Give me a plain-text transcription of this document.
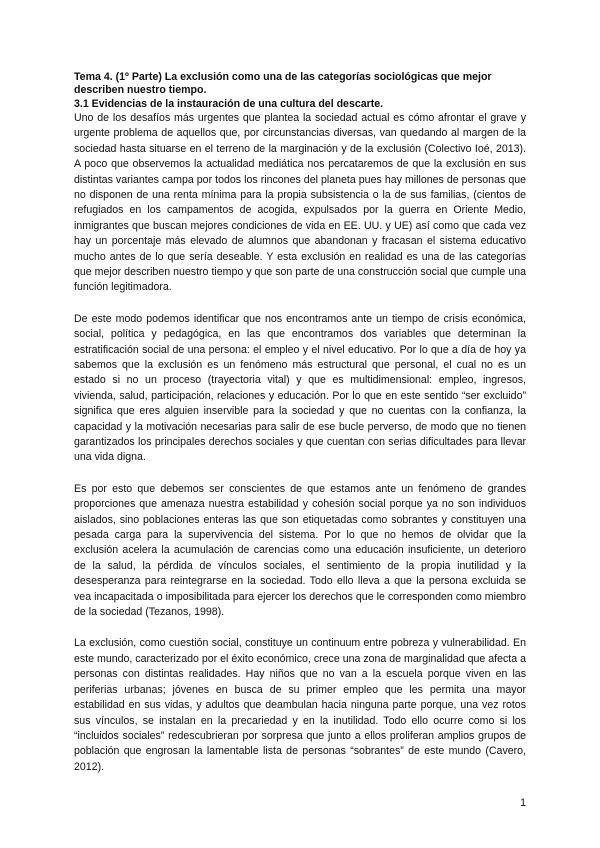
Tema 4. (1º Parte) La exclusión como una de las categorías sociológicas que mejor describen nuestro tiempo.

3.1 Evidencias de la instauración de una cultura del descarte.

Uno de los desafíos más urgentes que plantea la sociedad actual es cómo afrontar el grave y urgente problema de aquellos que, por circunstancias diversas, van quedando al margen de la sociedad hasta situarse en el terreno de la marginación y de la exclusión (Colectivo Ioé, 2013). A poco que observemos la actualidad mediática nos percataremos de que la exclusión en sus distintas variantes campa por todos los rincones del planeta pues hay millones de personas que no disponen de una renta mínima para la propia subsistencia o la de sus familias, (cientos de refugiados en los campamentos de acogida, expulsados por la guerra en Oriente Medio, inmigrantes que buscan mejores condiciones de vida en EE. UU. y UE) así como que cada vez hay un porcentaje más elevado de alumnos que abandonan y fracasan el sistema educativo mucho antes de lo que sería deseable. Y esta exclusión en realidad es una de las categorías que mejor describen nuestro tiempo y que son parte de una construcción social que cumple una función legitimadora.

De este modo podemos identificar que nos encontramos ante un tiempo de crisis económica, social, política y pedagógica, en las que encontramos dos variables que determinan la estratificación social de una persona: el empleo y el nivel educativo. Por lo que a día de hoy ya sabemos que la exclusión es un fenómeno más estructural que personal, el cual no es un estado si no un proceso (trayectoria vital) y que es multidimensional: empleo, ingresos, vivienda, salud, participación, relaciones y educación. Por lo que en este sentido “ser excluido” significa que eres alguien inservible para la sociedad y que no cuentas con la confianza, la capacidad y la motivación necesarias para salir de ese bucle perverso, de modo que no tienen garantizados los principales derechos sociales y que cuentan con serias dificultades para llevar una vida digna.

Es por esto que debemos ser conscientes de que estamos ante un fenómeno de grandes proporciones que amenaza nuestra estabilidad y cohesión social porque ya no son individuos aislados, sino poblaciones enteras las que son etiquetadas como sobrantes y constituyen una pesada carga para la supervivencia del sistema. Por lo que no hemos de olvidar que la exclusión acelera la acumulación de carencias como una educación insuficiente, un deterioro de la salud, la pérdida de vínculos sociales, el sentimiento de la propia inutilidad y la desesperanza para reintegrarse en la sociedad. Todo ello lleva a que la persona excluida se vea incapacitada o imposibilitada para ejercer los derechos que le corresponden como miembro de la sociedad (Tezanos, 1998).

La exclusión, como cuestión social, constituye un continuum entre pobreza y vulnerabilidad. En este mundo, caracterizado por el éxito económico, crece una zona de marginalidad que afecta a personas con distintas realidades. Hay niños que no van a la escuela porque viven en las periferias urbanas; jóvenes en busca de su primer empleo que les permita una mayor estabilidad en sus vidas, y adultos que deambulan hacia ninguna parte porque, una vez rotos sus vínculos, se instalan en la precariedad y en la inutilidad. Todo ello ocurre como si los “incluidos sociales” redescubrieran por sorpresa que junto a ellos proliferan amplios grupos de población que engrosan la lamentable lista de personas “sobrantes” de este mundo (Cavero, 2012).

1
